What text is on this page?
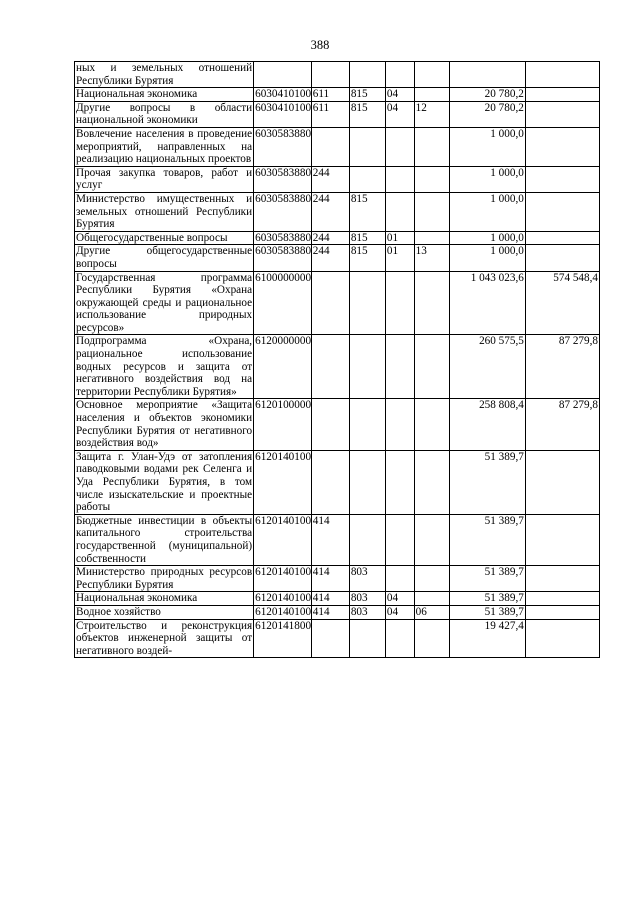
388
ных и земельных отношений Республики Бурятия							
Национальная экономика	6030410100	611	815	04		20 780,2	
Другие вопросы в области национальной экономики	6030410100	611	815	04	12	20 780,2	
Вовлечение населения в проведение мероприятий, направленных на реализацию национальных проектов	6030583880					1 000,0	
Прочая закупка товаров, работ и услуг	6030583880	244				1 000,0	
Министерство имущественных и земельных отношений Республики Бурятия	6030583880	244	815			1 000,0	
Общегосударственные вопросы	6030583880	244	815	01		1 000,0	
Другие общегосударственные вопросы	6030583880	244	815	01	13	1 000,0	
Государственная программа Республики Бурятия «Охрана окружающей среды и рациональное использование природных ресурсов»	6100000000					1 043 023,6	574 548,4
Подпрограмма «Охрана, рациональное использование водных ресурсов и защита от негативного воздействия вод на территории Республики Бурятия»	6120000000					260 575,5	87 279,8
Основное мероприятие «Защита населения и объектов экономики Республики Бурятия от негативного воздействия вод»	6120100000					258 808,4	87 279,8
Защита г. Улан-Удэ от затопления паводковыми водами рек Селенга и Уда Республики Бурятия, в том числе изыскательские и проектные работы	6120140100					51 389,7	
Бюджетные инвестиции в объекты капитального строительства государственной (муниципальной) собственности	6120140100	414				51 389,7	
Министерство природных ресурсов Республики Бурятия	6120140100	414	803			51 389,7	
Национальная экономика	6120140100	414	803	04		51 389,7	
Водное хозяйство	6120140100	414	803	04	06	51 389,7	
Строительство и реконструкция объектов инженерной защиты от негативного воздей-	6120141800					19 427,4	
